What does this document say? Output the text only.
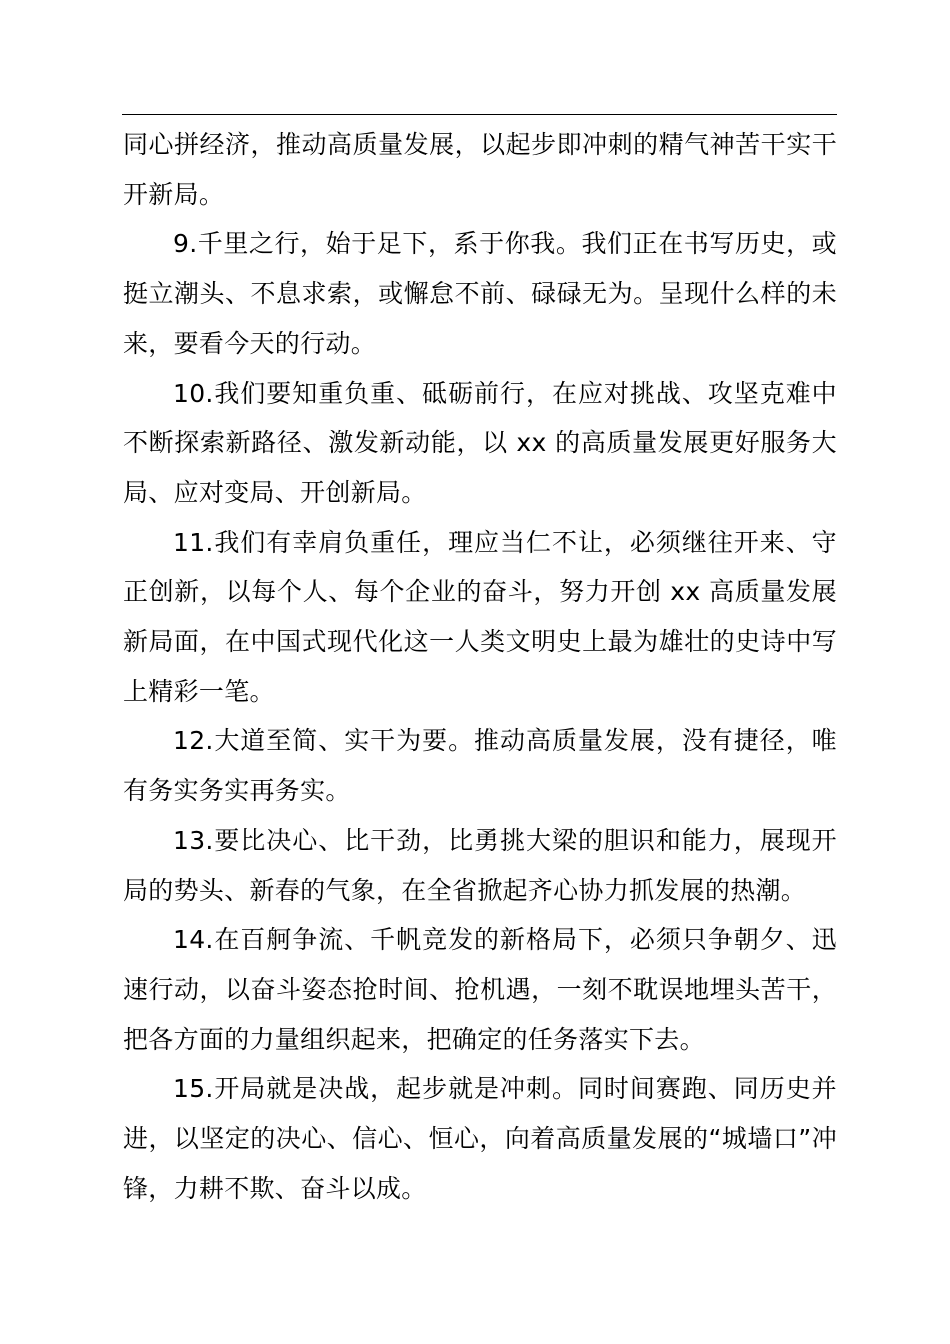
同心拼经济，推动高质量发展，以起步即冲刺的精气神苦干实干开新局。

9.千里之行，始于足下，系于你我。我们正在书写历史，或挺立潮头、不息求索，或懈怠不前、碌碌无为。呈现什么样的未来，要看今天的行动。

10.我们要知重负重、砥砺前行，在应对挑战、攻坚克难中不断探索新路径、激发新动能，以 xx 的高质量发展更好服务大局、应对变局、开创新局。

11.我们有幸肩负重任，理应当仁不让，必须继往开来、守正创新，以每个人、每个企业的奋斗，努力开创 xx 高质量发展新局面，在中国式现代化这一人类文明史上最为雄壮的史诗中写上精彩一笔。

12.大道至简、实干为要。推动高质量发展，没有捷径，唯有务实务实再务实。

13.要比决心、比干劲，比勇挑大梁的胆识和能力，展现开局的势头、新春的气象，在全省掀起齐心协力抓发展的热潮。

14.在百舸争流、千帆竞发的新格局下，必须只争朝夕、迅速行动，以奋斗姿态抢时间、抢机遇，一刻不耽误地埋头苦干，把各方面的力量组织起来，把确定的任务落实下去。

15.开局就是决战，起步就是冲刺。同时间赛跑、同历史并进，以坚定的决心、信心、恒心，向着高质量发展的“城墙口”冲锋，力耕不欺、奋斗以成。
